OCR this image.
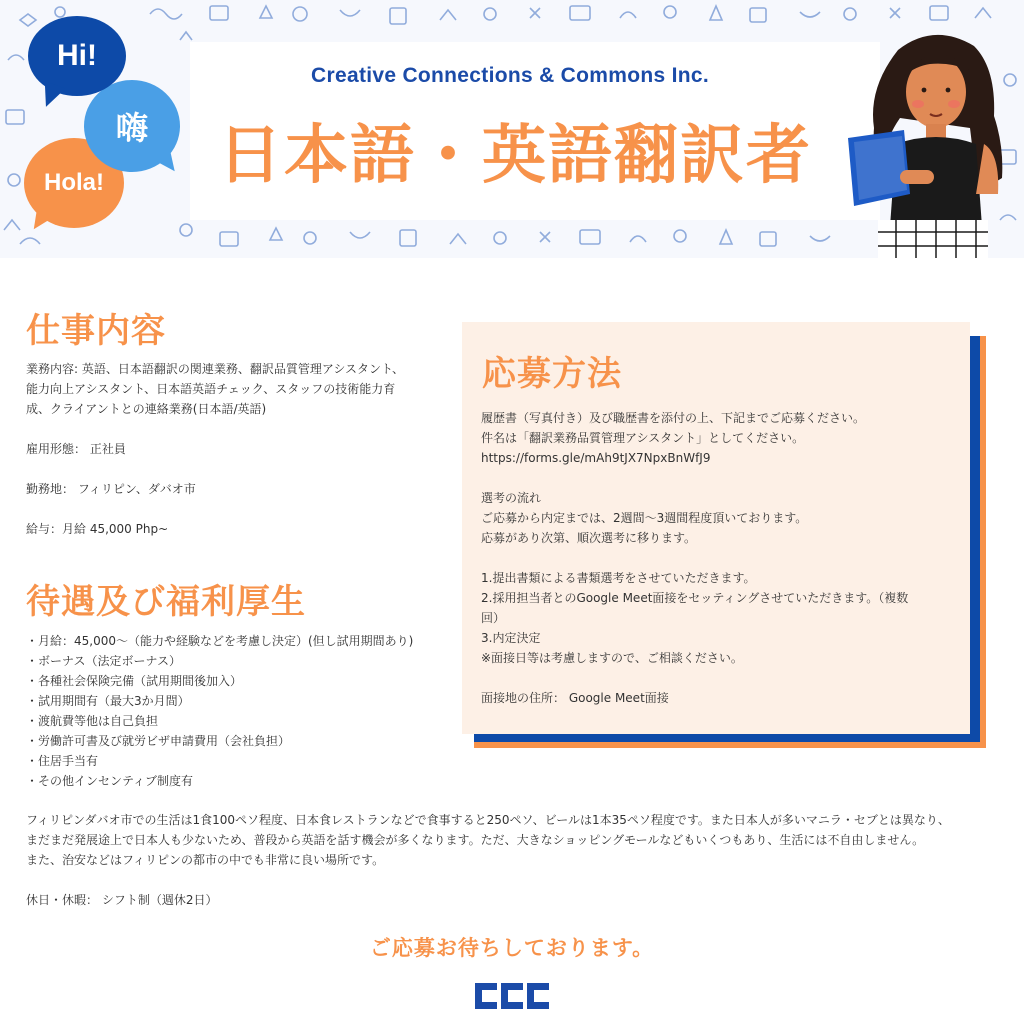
Hola!
嗨
Hi!
Creative Connections & Commons Inc.
日本語・英語翻訳者
仕事内容
業務内容: 英語、日本語翻訳の関連業務、翻訳品質管理アシスタント、
能力向上アシスタント、日本語英語チェック、スタッフの技術能力育
成、クライアントとの連絡業務(日本語/英語)

雇用形態： 正社員

勤務地： フィリピン、ダバオ市

給与：月給 45,000 Php~
待遇及び福利厚生
・月給：45,000〜（能力や経験などを考慮し決定）(但し試用期間あり)
・ボーナス（法定ボーナス）
・各種社会保険完備（試用期間後加入）
・試用期間有（最大3か月間）
・渡航費等他は自己負担
・労働許可書及び就労ビザ申請費用（会社負担）
・住居手当有
・その他インセンティブ制度有
応募方法
履歴書（写真付き）及び職歴書を添付の上、下記までご応募ください。
件名は「翻訳業務品質管理アシスタント」としてください。
https://forms.gle/mAh9tJX7NpxBnWfJ9

選考の流れ
ご応募から内定までは、2週間〜3週間程度頂いております。
応募があり次第、順次選考に移ります。

1.提出書類による書類選考をさせていただきます。
2.採用担当者とのGoogle Meet面接をセッティングさせていただきます。（複数
回）
3.内定決定
※面接日等は考慮しますので、ご相談ください。

面接地の住所： Google Meet面接
フィリピンダバオ市での生活は1食100ペソ程度、日本食レストランなどで食事すると250ペソ、ビールは1本35ペソ程度です。また日本人が多いマニラ・セブとは異なり、
まだまだ発展途上で日本人も少ないため、普段から英語を話す機会が多くなります。ただ、大きなショッピングモールなどもいくつもあり、生活には不自由しません。
また、治安などはフィリピンの都市の中でも非常に良い場所です。
休日・休暇： シフト制（週休2日）
ご応募お待ちしております。
